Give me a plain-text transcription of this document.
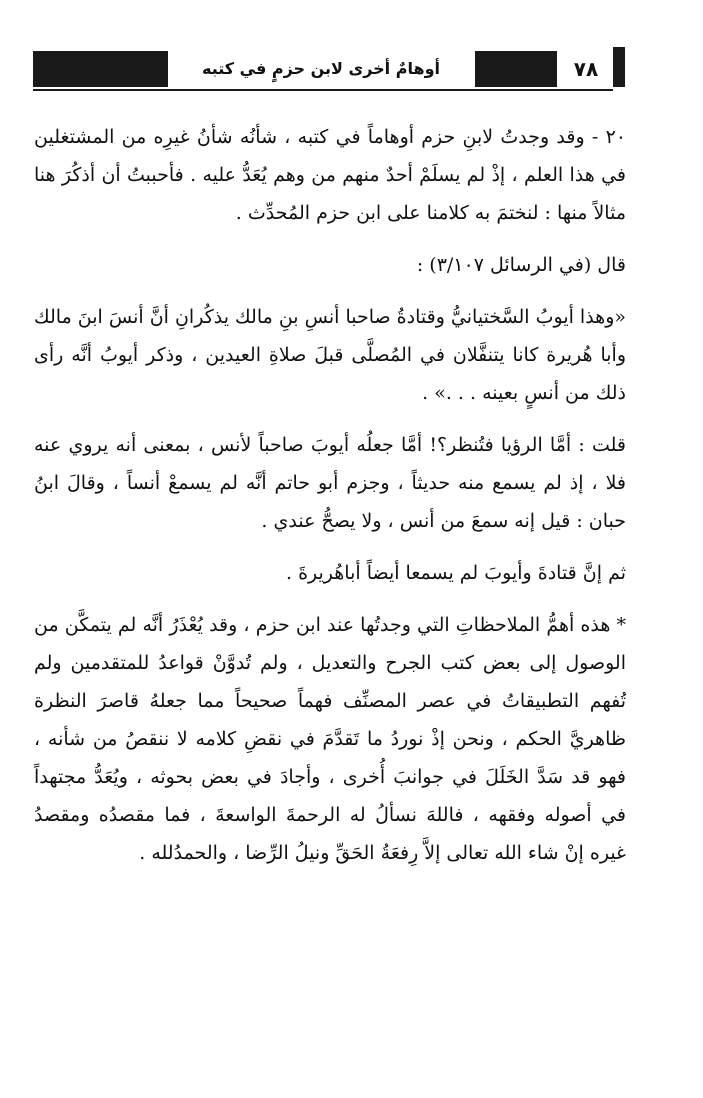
أوهامٌ أخرى لابن حزمٍ في كتبه	٧٨

٢٠ - وقد وجدتُ لابنِ حزم أوهاماً في كتبه ، شأنُه شأنُ غيرِه من المشتغلين في هذا العلم ، إذْ لم يسلَمْ أحدٌ منهم من وهم يُعَدُّ عليه . فأحببتُ أن أذكُرَ هنا مثالاً منها : لنختمَ به كلامنا على ابن حزم المُحدِّث .

قال (في الرسائل ٣/١٠٧) :

«وهذا أيوبُ السَّختيانيُّ وقتادةُ صاحبا أنسِ بنِ مالك يذكُرانِ أنَّ أنسَ ابنَ مالك وأبا هُريرة كانا يتنفَّلان في المُصلَّى قبلَ صلاةِ العيدين ، وذكر أيوبُ أنَّه رأى ذلك من أنسٍ بعينه . . .» .

قلت : أمَّا الرؤيا فتُنظر؟! أمَّا جعلُه أيوبَ صاحباً لأنس ، بمعنى أنه يروي عنه فلا ، إذ لم يسمع منه حديثاً ، وجزم أبو حاتم أنَّه لم يسمعْ أنساً ، وقالَ ابنُ حبان : قيل إنه سمعَ من أنس ، ولا يصحُّ عندي .

ثم إنَّ قتادةَ وأيوبَ لم يسمعا أيضاً أباهُريرةَ .

* هذه أهمُّ الملاحظاتِ التي وجدتُها عند ابن حزم ، وقد يُعْذَرُ أنَّه لم يتمكَّن من الوصول إلى بعض كتب الجرح والتعديل ، ولم تُدوَّنْ قواعدُ للمتقدمين ولم تُفهم التطبيقاتُ في عصر المصنِّف فهماً صحيحاً مما جعلهُ قاصرَ النظرة ظاهريَّ الحكم ، ونحن إذْ نوردُ ما تَقدَّمَ في نقضِ كلامه لا ننقصُ من شأنه ، فهو قد سَدَّ الخَلَلَ في جوانبَ أُخرى ، وأجادَ في بعض بحوثه ، ويُعَدُّ مجتهداً في أصوله وفقهه ، فاللهَ نسألُ له الرحمةَ الواسعةَ ، فما مقصدُه ومقصدُ غيره إنْ شاء الله تعالى إلاَّ رِفعَةُ الحَقِّ ونيلُ الرِّضا ، والحمدُلله .
